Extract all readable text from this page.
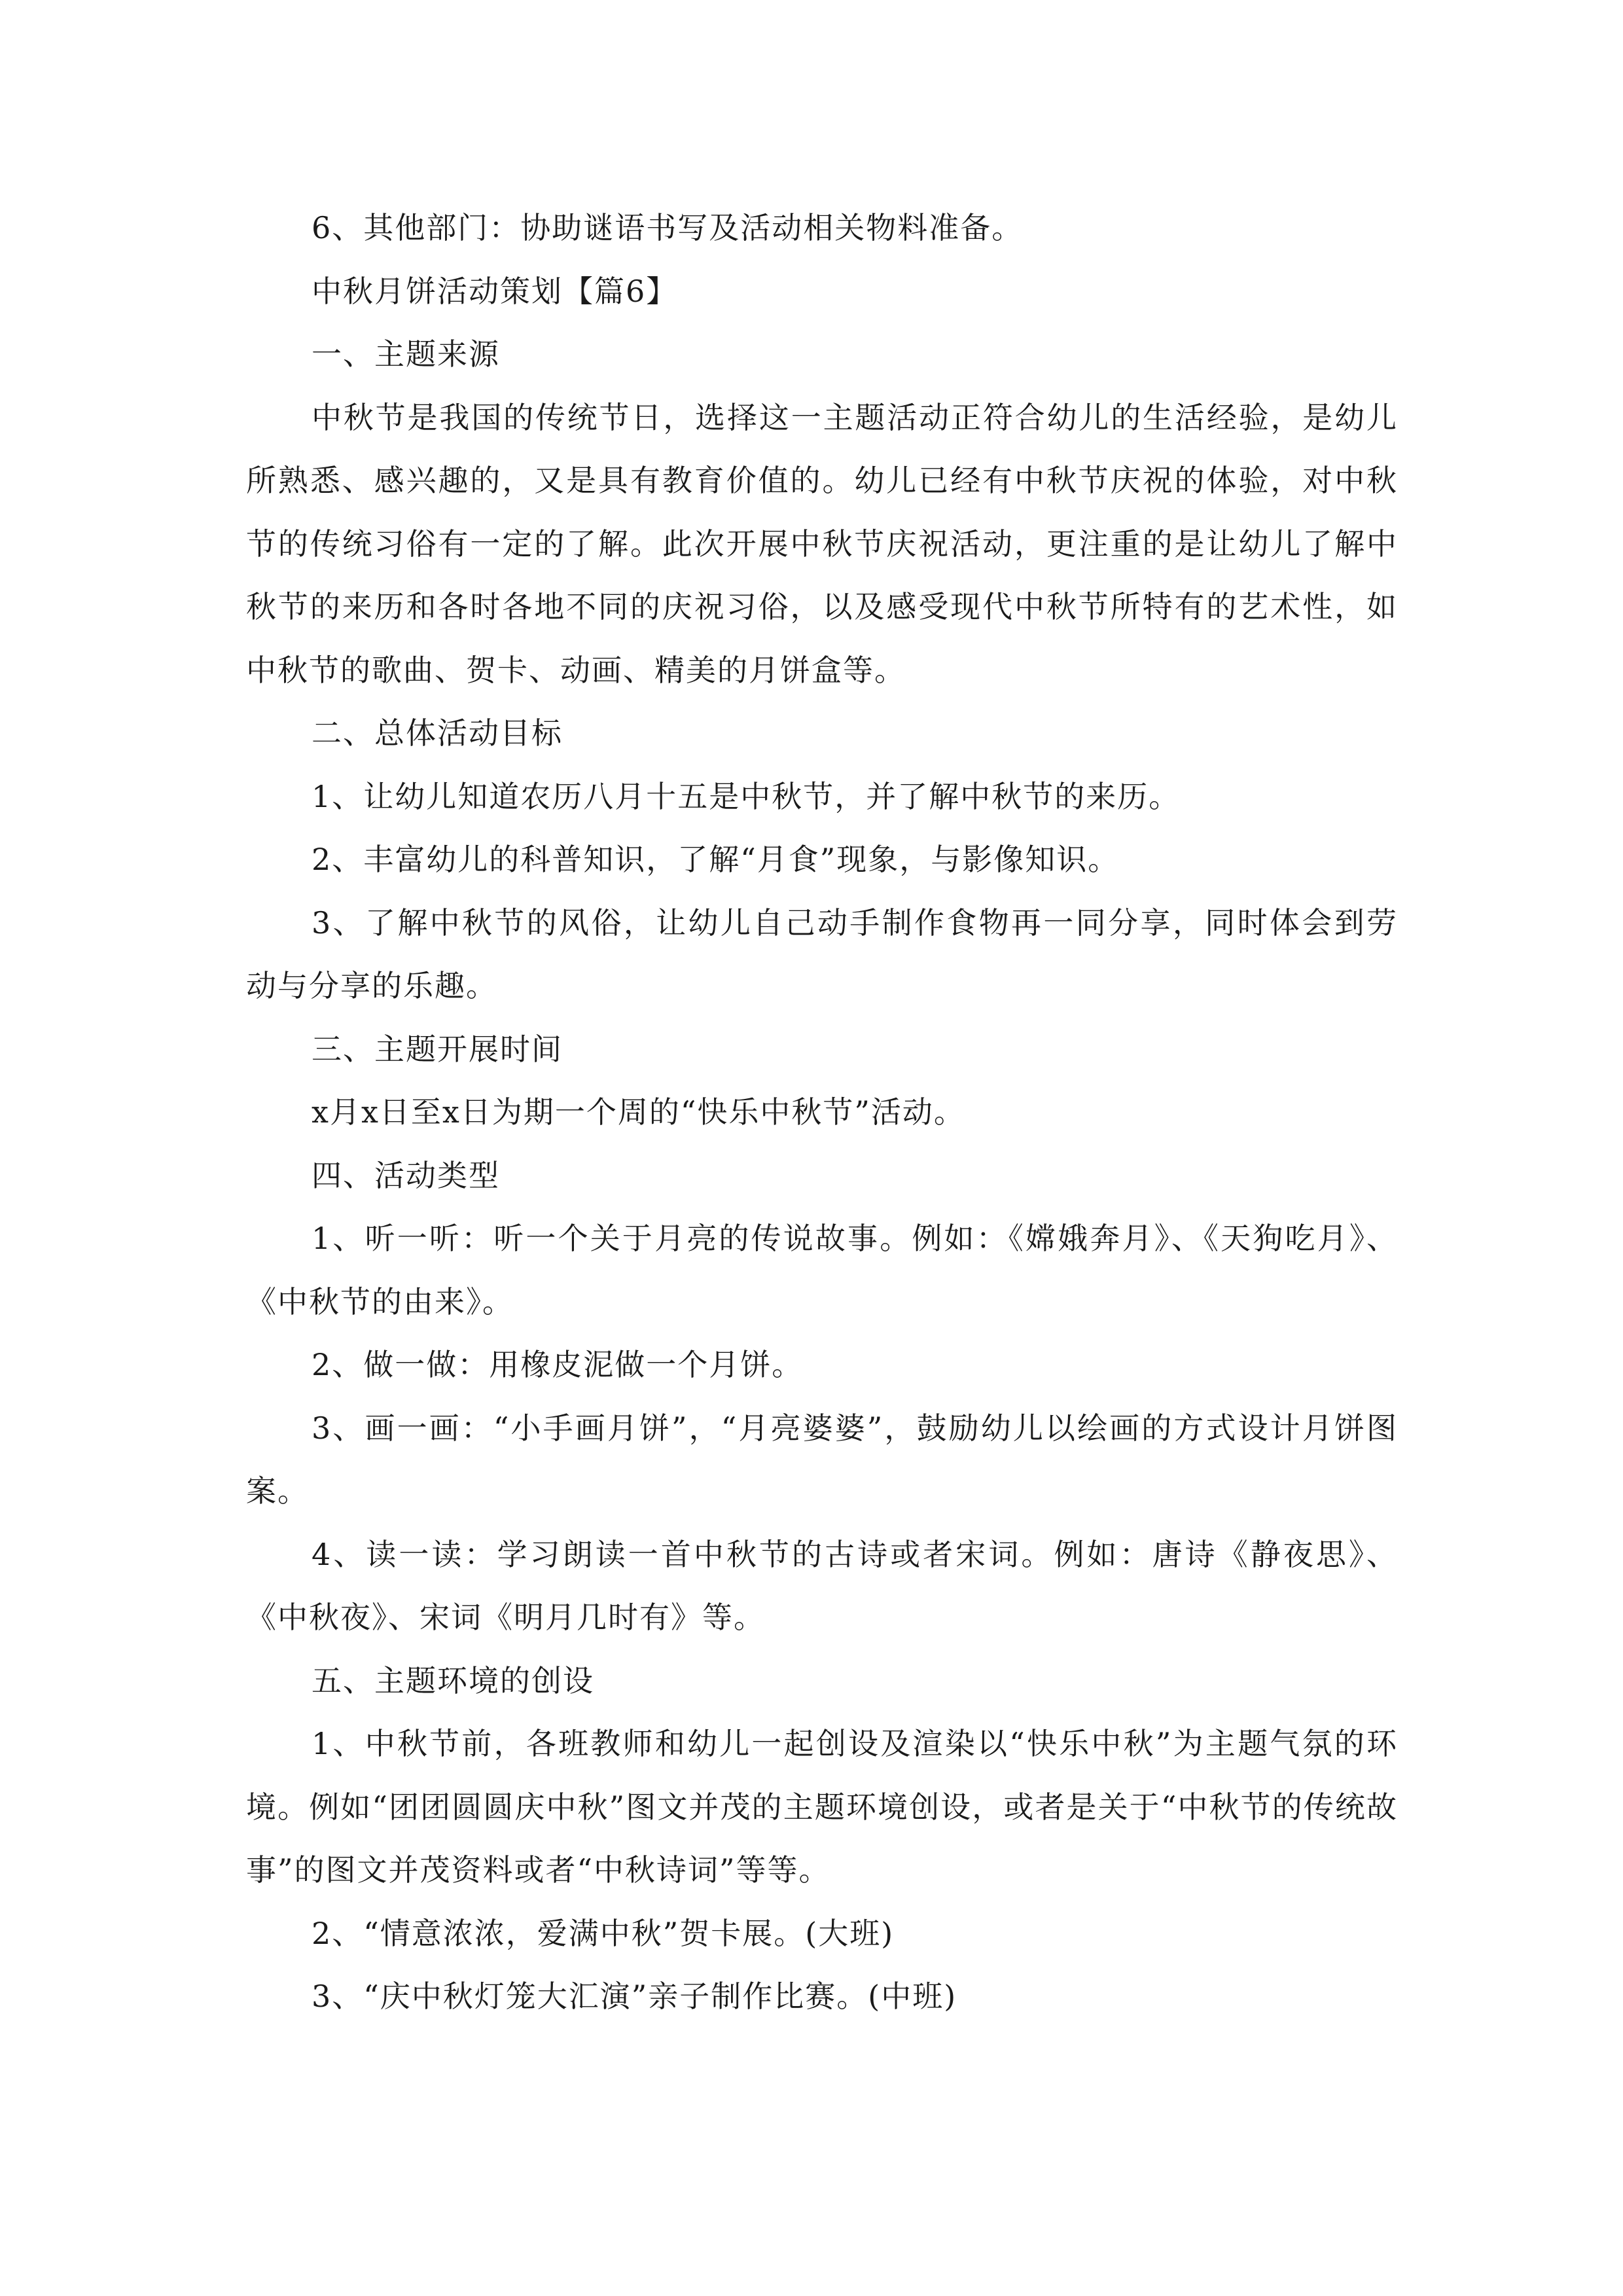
6、其他部门：协助谜语书写及活动相关物料准备。

中秋月饼活动策划【篇6】

一、主题来源

中秋节是我国的传统节日，选择这一主题活动正符合幼儿的生活经验，是幼儿所熟悉、感兴趣的，又是具有教育价值的。幼儿已经有中秋节庆祝的体验，对中秋节的传统习俗有一定的了解。此次开展中秋节庆祝活动，更注重的是让幼儿了解中秋节的来历和各时各地不同的庆祝习俗，以及感受现代中秋节所特有的艺术性，如中秋节的歌曲、贺卡、动画、精美的月饼盒等。

二、总体活动目标

1、让幼儿知道农历八月十五是中秋节，并了解中秋节的来历。

2、丰富幼儿的科普知识，了解“月食”现象，与影像知识。

3、了解中秋节的风俗，让幼儿自己动手制作食物再一同分享，同时体会到劳动与分享的乐趣。

三、主题开展时间

x月x日至x日为期一个周的“快乐中秋节”活动。

四、活动类型

1、听一听：听一个关于月亮的传说故事。例如：《嫦娥奔月》、《天狗吃月》、《中秋节的由来》。

2、做一做：用橡皮泥做一个月饼。

3、画一画：“小手画月饼”，“月亮婆婆”，鼓励幼儿以绘画的方式设计月饼图案。

4、读一读：学习朗读一首中秋节的古诗或者宋词。例如：唐诗《静夜思》、《中秋夜》、宋词《明月几时有》等。

五、主题环境的创设

1、中秋节前，各班教师和幼儿一起创设及渲染以“快乐中秋”为主题气氛的环境。例如“团团圆圆庆中秋”图文并茂的主题环境创设，或者是关于“中秋节的传统故事”的图文并茂资料或者“中秋诗词”等等。

2、“情意浓浓，爱满中秋”贺卡展。(大班)

3、“庆中秋灯笼大汇演”亲子制作比赛。(中班)
